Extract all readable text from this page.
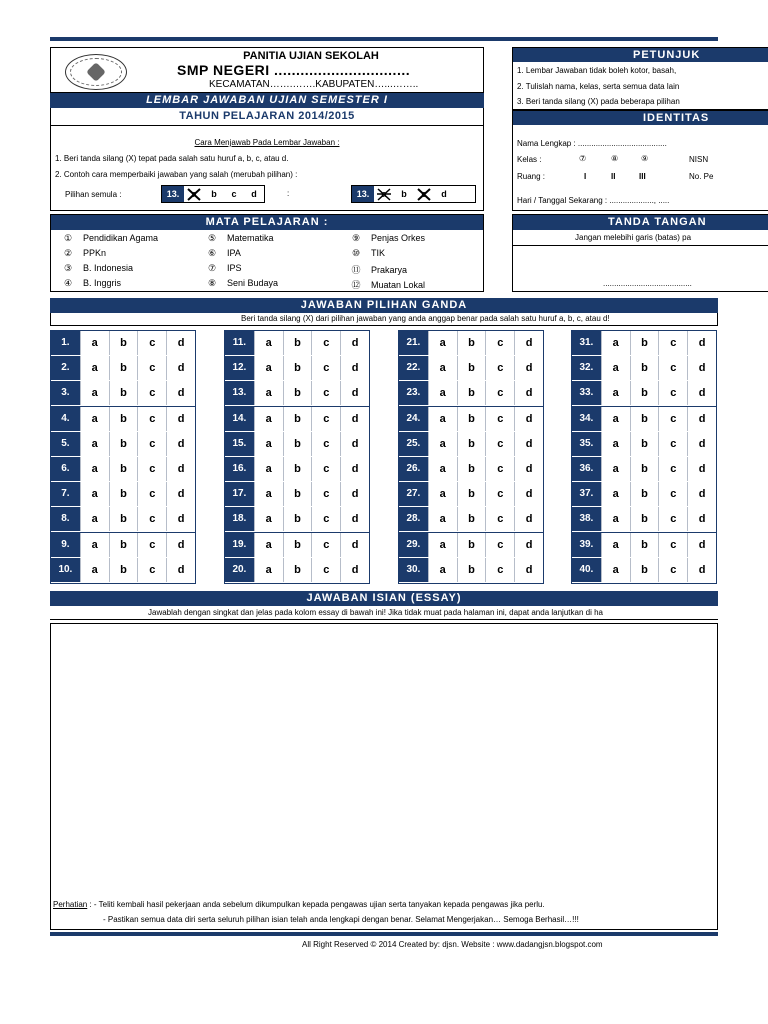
PANITIA UJIAN SEKOLAH
SMP NEGERI ...............................
KECAMATAN…….…….KABUPATEN…...……..
LEMBAR JAWABAN UJIAN SEMESTER I
TAHUN PELAJARAN 2014/2015
Cara Menjawab Pada Lembar Jawaban :
1. Beri tanda silang (X) tepat pada salah satu huruf a, b, c, atau d.
2. Contoh cara memperbaiki jawaban yang salah (merubah pilihan) :
Pilihan semula :	13.	b	c	d	:	13.	b	d
PETUNJUK
1. Lembar Jawaban tidak boleh kotor, basah,
2. Tulislah nama, kelas, serta semua data lain
3. Beri tanda silang (X) pada beberapa pilihan
IDENTITAS
Nama Lengkap : ........................................
Kelas :	⑦	⑧	⑨	NISN
Ruang :	I	II	III	No. Pe
Hari / Tanggal Sekarang : ...................., .....
MATA PELAJARAN :
① Pendidikan Agama
② PPKn
③ B. Indonesia
④ B. Inggris
⑤ Matematika
⑥ IPA
⑦ IPS
⑧ Seni Budaya
⑨ Penjas Orkes
⑩ TIK
⑪ Prakarya
⑫ Muatan Lokal
TANDA TANGAN
Jangan melebihi garis (batas) pa
........................................
JAWABAN PILIHAN GANDA
Beri tanda silang (X) dari pilihan jawaban yang anda anggap benar pada salah satu huruf a, b, c, atau d!
1.	a	b	c	d
2.	a	b	c	d
3.	a	b	c	d
4.	a	b	c	d
5.	a	b	c	d
6.	a	b	c	d
7.	a	b	c	d
8.	a	b	c	d
9.	a	b	c	d
10.	a	b	c	d
11.	a	b	c	d
12.	a	b	c	d
13.	a	b	c	d
14.	a	b	c	d
15.	a	b	c	d
16.	a	b	c	d
17.	a	b	c	d
18.	a	b	c	d
19.	a	b	c	d
20.	a	b	c	d
21.	a	b	c	d
22.	a	b	c	d
23.	a	b	c	d
24.	a	b	c	d
25.	a	b	c	d
26.	a	b	c	d
27.	a	b	c	d
28.	a	b	c	d
29.	a	b	c	d
30.	a	b	c	d
31.	a	b	c	d
32.	a	b	c	d
33.	a	b	c	d
34.	a	b	c	d
35.	a	b	c	d
36.	a	b	c	d
37.	a	b	c	d
38.	a	b	c	d
39.	a	b	c	d
40.	a	b	c	d
JAWABAN ISIAN (ESSAY)
Jawablah dengan singkat dan jelas pada kolom essay di bawah ini! Jika tidak muat pada halaman ini, dapat anda lanjutkan di ha
Perhatian : - Teliti kembali hasil pekerjaan anda sebelum dikumpulkan kepada pengawas ujian serta tanyakan kepada pengawas jika perlu.
- Pastikan semua data diri serta seluruh pilihan isian telah anda lengkapi dengan benar. Selamat Mengerjakan… Semoga Berhasil…!!!
All Right Reserved © 2014 Created by: djsn. Website : www.dadangjsn.blogspot.com
